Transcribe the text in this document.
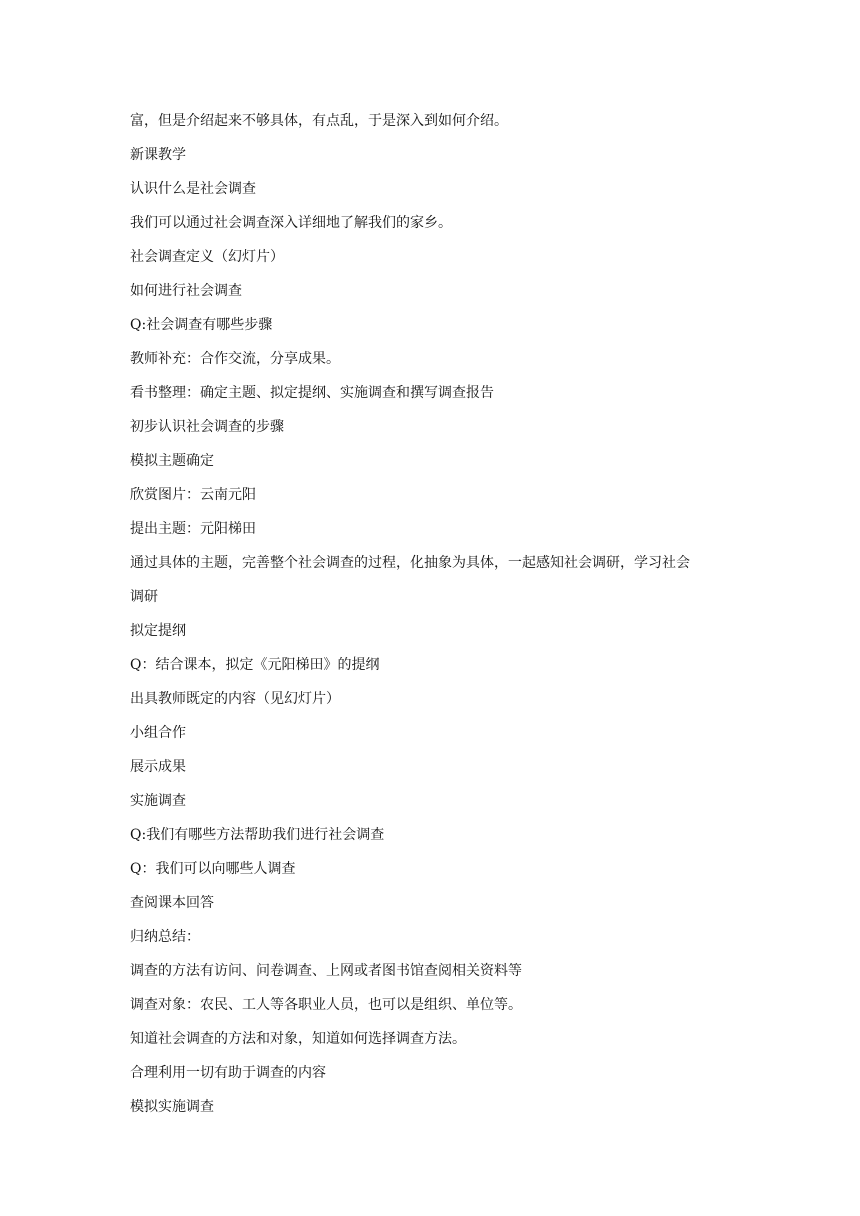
富，但是介绍起来不够具体，有点乱，于是深入到如何介绍。
新课教学
认识什么是社会调查
我们可以通过社会调查深入详细地了解我们的家乡。
社会调查定义（幻灯片）
如何进行社会调查
Q:社会调查有哪些步骤
教师补充：合作交流，分享成果。
看书整理：确定主题、拟定提纲、实施调查和撰写调查报告
初步认识社会调查的步骤
模拟主题确定
欣赏图片：云南元阳
提出主题：元阳梯田
通过具体的主题，完善整个社会调查的过程，化抽象为具体，一起感知社会调研，学习社会
调研
拟定提纲
Q：结合课本，拟定《元阳梯田》的提纲
出具教师既定的内容（见幻灯片）
小组合作
展示成果
实施调查
Q:我们有哪些方法帮助我们进行社会调查
Q：我们可以向哪些人调查
查阅课本回答
归纳总结：
调查的方法有访问、问卷调查、上网或者图书馆查阅相关资料等
调查对象：农民、工人等各职业人员，也可以是组织、单位等。
知道社会调查的方法和对象，知道如何选择调查方法。
合理利用一切有助于调查的内容
模拟实施调查
